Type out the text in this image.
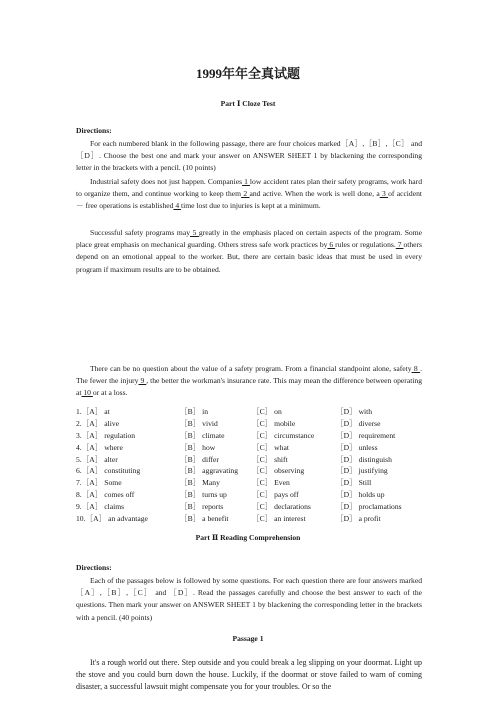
1999年年全真试题
Part Ⅰ Cloze Test
Directions:

For each numbered blank in the following passage, there are four choices marked［A］,［B］,［C］ and ［D］. Choose the best one and mark your answer on ANSWER SHEET 1 by blackening the corresponding letter in the brackets with a pencil. (10 points)

Industrial safety does not just happen. Companies 1 low accident rates plan their safety programs, work hard to organize them, and continue working to keep them 2 and active. When the work is well done, a 3 of accident － free operations is established 4 time lost due to injuries is kept at a minimum.

Successful safety programs may 5 greatly in the emphasis placed on certain aspects of the program. Some place great emphasis on mechanical guarding. Others stress safe work practices by 6 rules or regulations. 7 others depend on an emotional appeal to the worker. But, there are certain basic ideas that must be used in every program if maximum results are to be obtained.

There can be no question about the value of a safety program. From a financial standpoint alone, safety 8 . The fewer the injury 9 , the better the workman's insurance rate. This may mean the difference between operating at 10 or at a loss.

1.［A］ at	［B］ in	［C］ on	［D］ with
2.［A］ alive	［B］ vivid	［C］ mobile	［D］ diverse
3.［A］ regulation	［B］ climate	［C］ circumstance	［D］ requirement
4.［A］ where	［B］ how	［C］ what	［D］ unless
5.［A］ alter	［B］ differ	［C］ shift	［D］ distinguish
6.［A］ constituting	［B］ aggravating	［C］ observing	［D］ justifying
7.［A］ Some	［B］ Many	［C］ Even	［D］ Still
8.［A］ comes off	［B］ turns up	［C］ pays off	［D］ holds up
9.［A］ claims	［B］ reports	［C］ declarations	［D］ proclamations
10.［A］ an advantage	［B］ a benefit	［C］ an interest	［D］ a profit
Part Ⅱ Reading Comprehension
Directions:

Each of the passages below is followed by some questions. For each question there are four answers marked ［A］,［B］,［C］ and ［D］. Read the passages carefully and choose the best answer to each of the questions. Then mark your answer on ANSWER SHEET 1 by blackening the corresponding letter in the brackets with a pencil. (40 points)

Passage 1

It's a rough world out there. Step outside and you could break a leg slipping on your doormat. Light up the stove and you could burn down the house. Luckily, if the doormat or stove failed to warn of coming disaster, a successful lawsuit might compensate you for your troubles. Or so the
